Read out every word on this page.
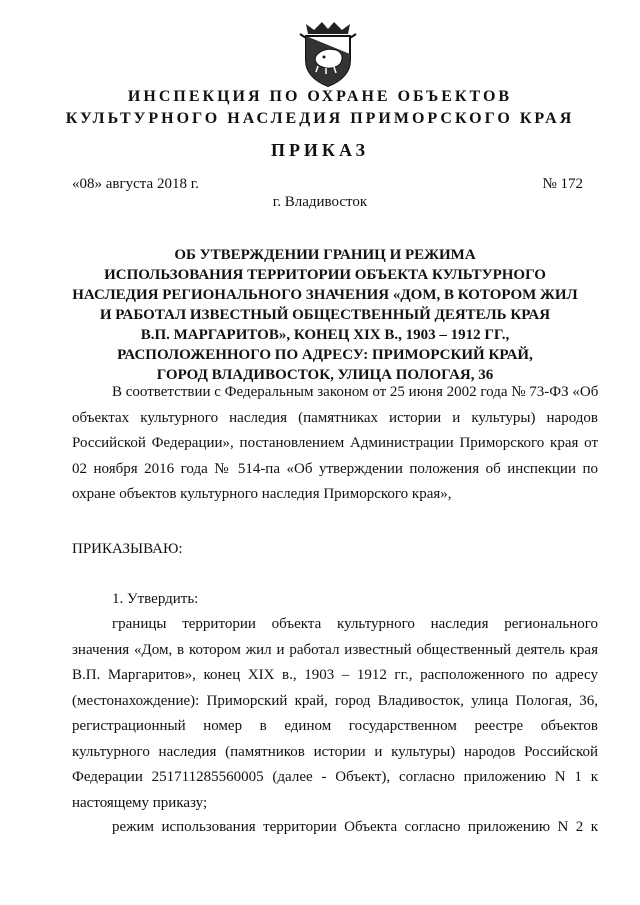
ИНСПЕКЦИЯ ПО ОХРАНЕ ОБЪЕКТОВ
КУЛЬТУРНОГО НАСЛЕДИЯ ПРИМОРСКОГО КРАЯ
ПРИКАЗ
«08» августа 2018 г.	№ 172
г. Владивосток
ОБ УТВЕРЖДЕНИИ ГРАНИЦ И РЕЖИМА
ИСПОЛЬЗОВАНИЯ ТЕРРИТОРИИ ОБЪЕКТА КУЛЬТУРНОГО
НАСЛЕДИЯ РЕГИОНАЛЬНОГО ЗНАЧЕНИЯ «ДОМ, В КОТОРОМ ЖИЛ
И РАБОТАЛ ИЗВЕСТНЫЙ ОБЩЕСТВЕННЫЙ ДЕЯТЕЛЬ КРАЯ
В.П. МАРГАРИТОВ», КОНЕЦ XIX В., 1903 – 1912 ГГ.,
РАСПОЛОЖЕННОГО ПО АДРЕСУ: ПРИМОРСКИЙ КРАЙ,
ГОРОД ВЛАДИВОСТОК, УЛИЦА ПОЛОГАЯ, 36
В соответствии с Федеральным законом от 25 июня 2002 года № 73-ФЗ «Об
объектах культурного наследия (памятниках истории и культуры) народов
Российской Федерации», постановлением Администрации Приморского края от
02 ноября 2016 года № 514-па «Об утверждении положения об инспекции по
охране объектов культурного наследия Приморского края»,
ПРИКАЗЫВАЮ:
1. Утвердить:
границы территории объекта культурного наследия регионального
значения «Дом, в котором жил и работал известный общественный деятель края
В.П. Маргаритов», конец XIX в., 1903 – 1912 гг., расположенного по адресу
(местонахождение): Приморский край, город Владивосток, улица Пологая, 36,
регистрационный номер в едином государственном реестре объектов
культурного наследия (памятников истории и культуры) народов Российской
Федерации 251711285560005 (далее - Объект), согласно приложению N 1 к
настоящему приказу;
режим использования территории Объекта согласно приложению N 2 к
